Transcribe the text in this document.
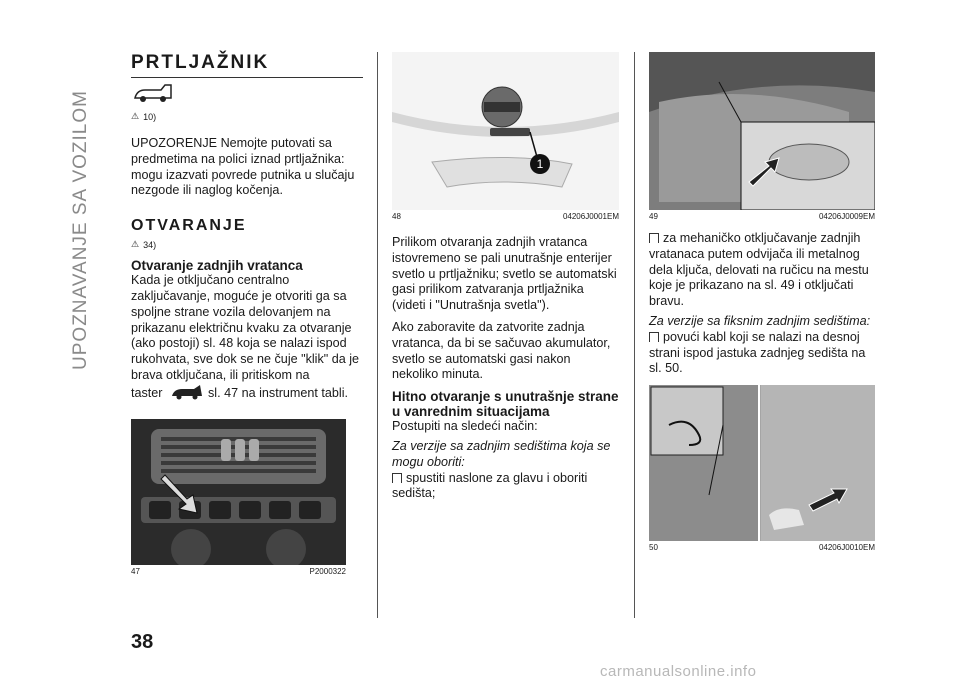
UPOZNAVANJE SA VOZILOM
38
carmanualsonline.info
PRTLJAŽNIK
⚠ 10)

UPOZORENJE Nemojte putovati sa predmetima na polici iznad prtljažnika: mogu izazvati povrede putnika u slučaju nezgode ili naglog kočenja.

OTVARANJE
⚠ 34)
Otvaranje zadnjih vratanca

Kada je otključano centralno zaključavanje, moguće je otvoriti ga sa spoljne strane vozila delovanjem na prikazanu električnu kvaku za otvaranje (ako postoji) sl. 48 koja se nalazi ispod rukohvata, sve dok se ne čuje "klik" da je brava otključana, ili pritiskom na

taster	sl. 47 na instrument tabli.

47	P2000322
1
48	04206J0001EM

Prilikom otvaranja zadnjih vratanca istovremeno se pali unutrašnje enterijer svetlo u prtljažniku; svetlo se automatski gasi prilikom zatvaranja prtljažnika (videti i "Unutrašnja svetla").

Ako zaboravite da zatvorite zadnja vratanca, da bi se sačuvao akumulator, svetlo se automatski gasi nakon nekoliko minuta.

Hitno otvaranje s unutrašnje strane u vanrednim situacijama

Postupiti na sledeći način:

Za verzije sa zadnjim sedištima koja se mogu oboriti:

spustiti naslone za glavu i oboriti sedišta;

49	04206J0009EM

za mehaničko otključavanje zadnjih vratanaca putem odvijača ili metalnog dela ključa, delovati na ručicu na mestu koje je prikazano na sl. 49 i otključati bravu.

Za verzije sa fiksnim zadnjim sedištima:

povući kabl koji se nalazi na desnoj strani ispod jastuka zadnjeg sedišta na sl. 50.

50	04206J0010EM
